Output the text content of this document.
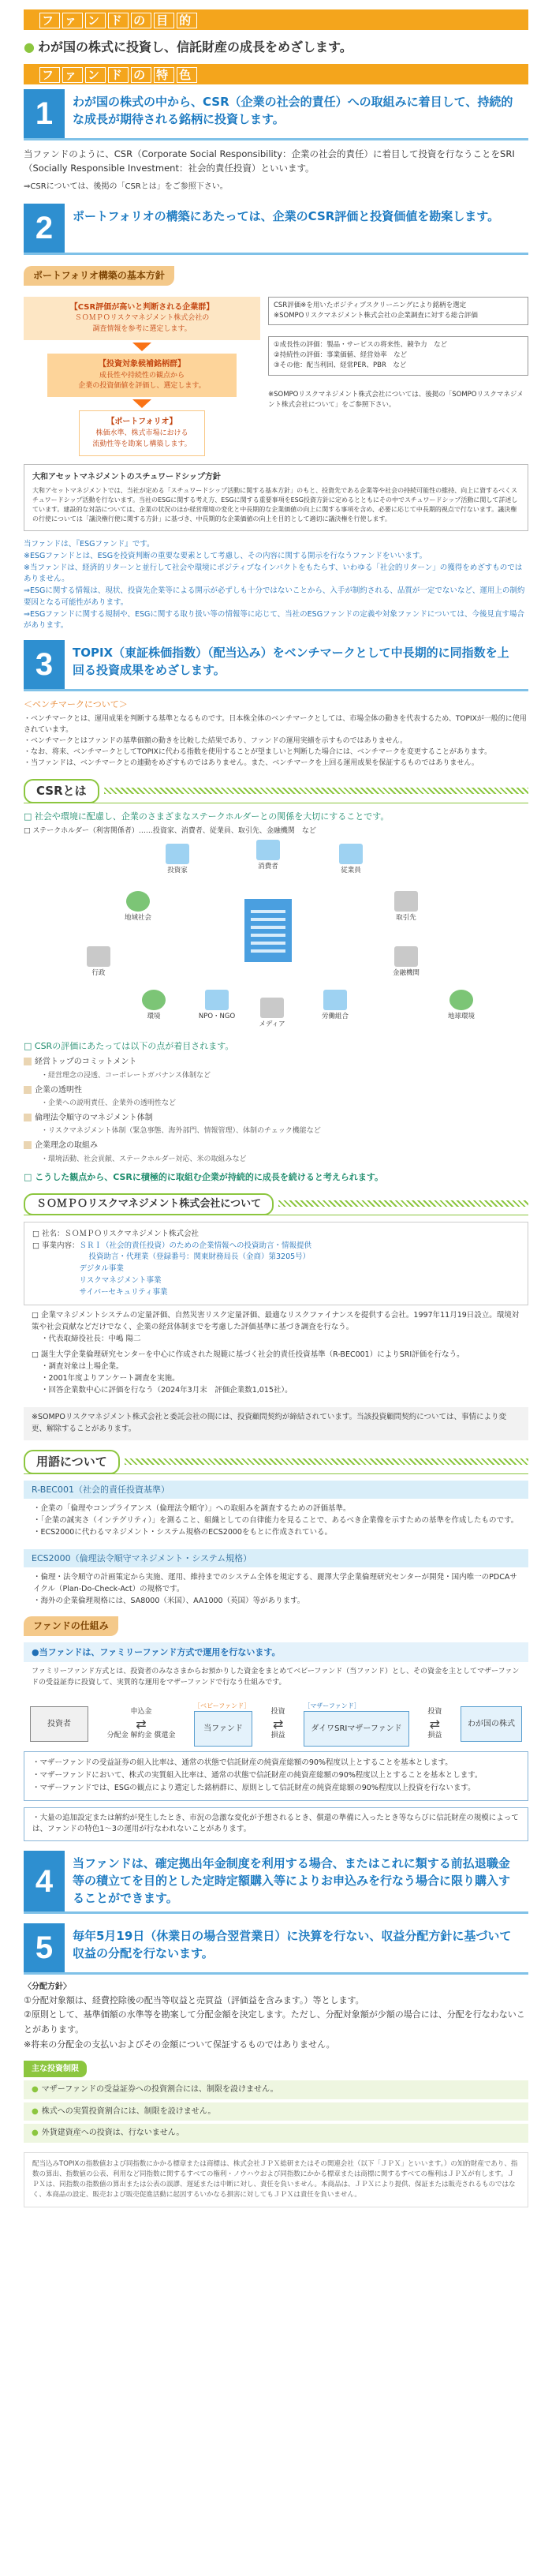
フ ァ ン ド の 目 的
● わが国の株式に投資し、信託財産の成長をめざします。
フ ァ ン ド の 特 色
1	わが国の株式の中から、CSR（企業の社会的責任）への取組みに着目して、持続的な成長が期待される銘柄に投資します。
当ファンドのように、CSR（Corporate Social Responsibility：企業の社会的責任）に着目して投資を行なうことをSRI（Socially Responsible Investment：社会的責任投資）といいます。
⇒CSRについては、後掲の「CSRとは」をご参照下さい。
2	ポートフォリオの構築にあたっては、企業のCSR評価と投資価値を勘案します。
ポートフォリオ構築の基本方針
【CSR評価が高いと判断される企業群】
ＳＯＭＰＯリスクマネジメント株式会社の
調査情報を参考に選定します。
【投資対象候補銘柄群】
成長性や持続性の観点から
企業の投資価値を評価し、選定します。
【ポートフォリオ】
株価水準、株式市場における
流動性等を勘案し構築します。
CSR評価※を用いたポジティブスクリーニングにより銘柄を選定
※SOMPOリスクマネジメント株式会社の企業調査に対する総合評価
①成長性の評価：製品・サービスの将来性、競争力　など
②持続性の評価：事業価値、経営効率　など
③その他：配当利回、経常PER、PBR　など
※SOMPOリスクマネジメント株式会社については、後掲の「SOMPOリスクマネジメント株式会社について」をご参照下さい。
大和アセットマネジメントのスチュワードシップ方針
大和アセットマネジメントでは、当社が定める「スチュワードシップ活動に関する基本方針」のもと、投資先である企業等や社会の持続可能性の維持、向上に資するべくスチュワードシップ活動を行ないます。当社のESGに関する考え方、ESGに関する重要事項をESG投資方針に定めるとともにその中でスチュワードシップ活動に関して詳述しています。建設的な対話については、企業の状況のほか経営環境の変化と中長期的な企業価値の向上に関する事項を含め、必要に応じて中長期的視点で行ないます。議決権の行使については「議決権行使に関する方針」に基づき、中長期的な企業価値の向上を目的として適切に議決権を行使します。
当ファンドは、『ESGファンド』です。
※ESGファンドとは、ESGを投資判断の重要な要素として考慮し、その内容に関する開示を行なうファンドをいいます。
※当ファンドは、経済的リターンと並行して社会や環境にポジティブなインパクトをもたらす、いわゆる「社会的リターン」の獲得をめざすものではありません。
⇒ESGに関する情報は、現状、投資先企業等による開示が必ずしも十分ではないことから、入手が制約される、品質が一定でないなど、運用上の制約要因となる可能性があります。
⇒ESGファンドに関する規制や、ESGに関する取り扱い等の情報等に応じて、当社のESGファンドの定義や対象ファンドについては、今後見直す場合があります。
3	TOPIX（東証株価指数）（配当込み）をベンチマークとして中長期的に同指数を上回る投資成果をめざします。
＜ベンチマークについて＞
・ベンチマークとは、運用成果を判断する基準となるものです。日本株全体のベンチマークとしては、市場全体の動きを代表するため、TOPIXが一般的に使用されています。
・ベンチマークとはファンドの基準価額の動きを比較した結果であり、ファンドの運用実績を示すものではありません。
・なお、将来、ベンチマークとしてTOPIXに代わる指数を使用することが望ましいと判断した場合には、ベンチマークを変更することがあります。
・当ファンドは、ベンチマークとの連動をめざすものではありません。また、ベンチマークを上回る運用成果を保証するものではありません。
CSRとは
□ 社会や環境に配慮し、企業のさまざまなステークホルダーとの関係を大切にすることです。
□ ステークホルダー（利害関係者）……投資家、消費者、従業員、取引先、金融機関　など
投資家	消費者	従業員
地域社会	取引先
金融機関
行政
環境	NPO・NGO
メディア
労働組合	地球環境
□ CSRの評価にあたっては以下の点が着目されます。
経営トップのコミットメント
・経営理念の浸透、コーポレートガバナンス体制など
企業の透明性
・企業への説明責任、企業外の透明性など
倫理法令順守のマネジメント体制
・リスクマネジメント体制（緊急事態、海外部門、情報管理）、体制のチェック機能など
企業理念の取組み
・環境活動、社会貢献、ステークホルダー対応、米の取組みなど
□ こうした観点から、CSRに積極的に取組む企業が持続的に成長を続けると考えられます。
ＳＯＭＰＯリスクマネジメント株式会社について
□ 社名：ＳＯＭＰＯリスクマネジメント株式会社
□ 事業内容： ＳＲＩ（社会的責任投資）のための企業情報への投資助言・情報提供
投資助言・代理業（登録番号：関東財務局長（金商）第3205号）
デジタル事業
リスクマネジメント事業
サイバーセキュリティ事業
□ 企業マネジメントシステムの定量評価、自然災害リスク定量評価、最適なリスクファイナンスを提供する会社。1997年11月19日設立。環境対策や社会貢献などだけでなく、企業の経営体制までを考慮した評価基準に基づき調査を行なう。
・代表取締役社長：中嶋 陽二
□ 誕生大学企業倫理研究センターを中心に作成された規範に基づく社会的責任投資基準（R-BEC001）によりSRI評価を行なう。
・調査対象は上場企業。
・2001年度よりアンケート調査を実施。
・回答企業数中心に評価を行なう（2024年3月末　評価企業数1,015社）。
※SOMPOリスクマネジメント株式会社と委託会社の間には、投資顧問契約が締結されています。当該投資顧問契約については、事情により変更、解除することがあります。
用語について
R-BEC001（社会的責任投資基準）
・企業の「倫理やコンプライアンス（倫理法令順守）」への取組みを調査するための評価基準。
・「企業の誠実さ（インテグリティ）」を測ること、組織としての自律能力を見ることで、あるべき企業像を示すための基準を作成したものです。
・ECS2000に代わるマネジメント・システム規格のECS2000をもとに作成されている。
ECS2000（倫理法令順守マネジメント・システム規格）
・倫理・法令順守の計画策定から実施、運用、維持までのシステム全体を規定する、麗澤大学企業倫理研究センターが開発・国内唯一のPDCAサイクル（Plan-Do-Check-Act）の規格です。
・海外の企業倫理規格には、SA8000（米国）、AA1000（英国）等があります。
ファンドの仕組み
●当ファンドは、ファミリーファンド方式で運用を行ないます。
ファミリーファンド方式とは、投資者のみなさまからお預かりした資金をまとめてベビーファンド（当ファンド）とし、その資金を主としてマザーファンドの受益証券に投資して、実質的な運用をマザーファンドで行なう仕組みです。
投資者
申込金
⇄
分配金 解約金 償還金
［ベビーファンド］
当ファンド
投資
⇄
損益
［マザーファンド］
ダイワSRIマザーファンド
投資
⇄
損益
わが国の株式
・マザーファンドの受益証券の組入比率は、通常の状態で信託財産の純資産総額の90%程度以上とすることを基本とします。
・マザーファンドにおいて、株式の実質組入比率は、通常の状態で信託財産の純資産総額の90%程度以上とすることを基本とします。
・マザーファンドでは、ESGの観点により選定した銘柄群に、原則として信託財産の純資産総額の90%程度以上投資を行ないます。
・大量の追加設定または解約が発生したとき、市況の急激な変化が予想されるとき、償還の準備に入ったとき等ならびに信託財産の規模によっては、ファンドの特色1～3の運用が行なわれないことがあります。
4
当ファンドは、確定拠出年金制度を利用する場合、またはこれに類する前払退職金等の積立てを目的とした定時定額購入等によりお申込みを行なう場合に限り購入することができます。
5	毎年5月19日（休業日の場合翌営業日）に決算を行ない、収益分配方針に基づいて収益の分配を行ないます。
〈分配方針〉
①分配対象額は、経費控除後の配当等収益と売買益（評価益を含みます。）等とします。
②原則として、基準価額の水準等を勘案して分配金額を決定します。ただし、分配対象額が少額の場合には、分配を行なわないことがあります。
※将来の分配金の支払いおよびその金額について保証するものではありません。
主な投資制限
● マザーファンドの受益証券への投資割合には、制限を設けません。
● 株式への実質投資割合には、制限を設けません。
● 外貨建資産への投資は、行ないません。
配当込みTOPIXの指数値および同指数にかかる標章または商標は、株式会社ＪＰＸ総研またはその関連会社（以下「ＪＰＸ」といいます。）の知的財産であり、指数の算出、指数値の公表、利用など同指数に関するすべての権利・ノウハウおよび同指数にかかる標章または商標に関するすべての権利はＪＰＸが有します。ＪＰＸは、同指数の指数値の算出または公表の誤謬、遅延または中断に対し、責任を負いません。本商品は、ＪＰＸにより提供、保証または販売されるものではなく、本商品の設定、販売および販売促進活動に起因するいかなる損害に対してもＪＰＸは責任を負いません。
